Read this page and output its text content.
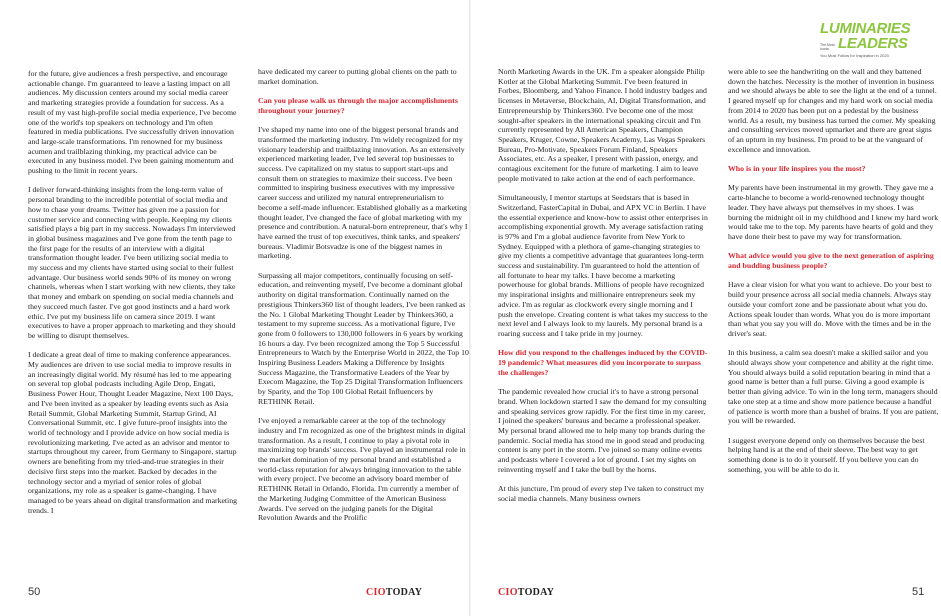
LUMINARIES
The Most Iconic LEADERS
You Must Follow for Inspiration in 2023

for the future, give audiences a fresh perspective, and encourage actionable change. I'm guaranteed to leave a lasting impact on all audiences. My discussion centers around my social media career and marketing strategies provide a foundation for success. As a result of my vast high-profile social media experience, I've become one of the world's top speakers on technology and I'm often featured in media publications. I've successfully driven innovation and large-scale transformations. I'm renowned for my business acumen and trailblazing thinking, my practical advice can be executed in any business model. I've been gaining momentum and pushing to the limit in recent years.

I deliver forward-thinking insights from the long-term value of personal branding to the incredible potential of social media and how to chase your dreams. Twitter has given me a passion for customer service and connecting with people. Keeping my clients satisfied plays a big part in my success. Nowadays I'm interviewed in global business magazines and I've gone from the tenth page to the first page for the results of an interview with a digital transformation thought leader. I've been utilizing social media to my success and my clients have started using social to their fullest advantage. Our business world sends 90% of its money on wrong channels, whereas when I start working with new clients, they take that money and embark on spending on social media channels and they succeed much faster. I've got good instincts and a hard work ethic. I've put my business life on camera since 2019. I want executives to have a proper approach to marketing and they should be willing to disrupt themselves.

I dedicate a great deal of time to making conference appearances. My audiences are driven to use social media to improve results in an increasingly digital world. My résumé has led to me appearing on several top global podcasts including Agile Drop, Engati, Business Power Hour, Thought Leader Magazine, Next 100 Days, and I've been invited as a speaker by leading events such as Asia Retail Summit, Global Marketing Summit, Startup Grind, AI Conversational Summit, etc. I give future-proof insights into the world of technology and I provide advice on how social media is revolutionizing marketing. I've acted as an advisor and mentor to startups throughout my career, from Germany to Singapore, startup owners are benefiting from my tried-and-true strategies in their decisive first steps into the market. Backed by decades in the technology sector and a myriad of senior roles of global organizations, my role as a speaker is game-changing. I have managed to be years ahead on digital transformation and marketing trends. I

have dedicated my career to putting global clients on the path to market domination.

Can you please walk us through the major accomplishments throughout your journey?

I've shaped my name into one of the biggest personal brands and transformed the marketing industry. I'm widely recognized for my visionary leadership and trailblazing innovation. As an extensively experienced marketing leader, I've led several top businesses to success. I've capitalized on my status to support start-ups and consult them on strategies to maximize their success. I've been committed to inspiring business executives with my impressive career success and utilized my natural entrepreneurialism to become a self-made influencer. Established globally as a marketing thought leader, I've changed the face of global marketing with my presence and contribution. A natural-born entrepreneur, that's why I have earned the trust of top executives, think tanks, and speakers' bureaus. Vladimir Botsvadze is one of the biggest names in marketing.

Surpassing all major competitors, continually focusing on self-education, and reinventing myself, I've become a dominant global authority on digital transformation. Continually named on the prestigious Thinkers360 list of thought leaders, I've been ranked as the No. 1 Global Marketing Thought Leader by Thinkers360, a testament to my supreme success. As a motivational figure, I've gone from 0 followers to 130,000 followers in 6 years by working 16 hours a day. I've been recognized among the Top 5 Successful Entrepreneurs to Watch by the Enterprise World in 2022, the Top 10 Inspiring Business Leaders Making a Difference by Insights Success Magazine, the Transformative Leaders of the Year by Execom Magazine, the Top 25 Digital Transformation Influencers by Sparity, and the Top 100 Global Retail Influencers by RETHINK Retail.

I've enjoyed a remarkable career at the top of the technology industry and I'm recognized as one of the brightest minds in digital transformation. As a result, I continue to play a pivotal role in maximizing top brands' success. I've played an instrumental role in the market domination of my personal brand and established a world-class reputation for always bringing innovation to the table with every project. I've become an advisory board member of RETHINK Retail in Orlando, Florida. I'm currently a member of the Marketing Judging Committee of the American Business Awards. I've served on the judging panels for the Digital Revolution Awards and the Prolific

North Marketing Awards in the UK. I'm a speaker alongside Philip Kotler at the Global Marketing Summit. I've been featured in Forbes, Bloomberg, and Yahoo Finance. I hold industry badges and licenses in Metaverse, Blockchain, AI, Digital Transformation, and Entrepreneurship by Thinkers360. I've become one of the most sought-after speakers in the international speaking circuit and I'm currently represented by All American Speakers, Champion Speakers, Kruger, Cowne, Speakers Academy, Las Vegas Speakers Bureau, Pro-Motivate, Speakers Forum Finland, Speakers Associates, etc. As a speaker, I present with passion, energy, and contagious excitement for the future of marketing. I aim to leave people motivated to take action at the end of each performance.

Simultaneously, I mentor startups at Seedstars that is based in Switzerland, FasterCapital in Dubai, and APX VC in Berlin. I have the essential experience and know-how to assist other enterprises in accomplishing exponential growth. My average satisfaction rating is 97% and I'm a global audience favorite from New York to Sydney. Equipped with a plethora of game-changing strategies to give my clients a competitive advantage that guarantees long-term success and sustainability. I'm guaranteed to hold the attention of all fortunate to hear my talks. I have become a marketing powerhouse for global brands. Millions of people have recognized my inspirational insights and millionaire entrepreneurs seek my advice. I'm as regular as clockwork every single morning and I push the envelope. Creating content is what takes my success to the next level and I always look to my laurels. My personal brand is a roaring success and I take pride in my journey.

How did you respond to the challenges induced by the COVID-19 pandemic? What measures did you incorporate to surpass the challenges?

The pandemic revealed how crucial it's to have a strong personal brand. When lockdown started I saw the demand for my consulting and speaking services grow rapidly. For the first time in my career, I joined the speakers' bureaus and became a professional speaker. My personal brand allowed me to help many top brands during the pandemic. Social media has stood me in good stead and producing content is any port in the storm. I've joined so many online events and podcasts where I covered a lot of ground. I set my sights on reinventing myself and I take the bull by the horns.

At this juncture, I'm proud of every step I've taken to construct my social media channels. Many business owners

were able to see the handwriting on the wall and they battened down the hatches. Necessity is the mother of invention in business and we should always be able to see the light at the end of a tunnel. I geared myself up for changes and my hard work on social media from 2014 to 2020 has been put on a pedestal by the business world. As a result, my business has turned the corner. My speaking and consulting services moved upmarket and there are great signs of an upturn in my business. I'm proud to be at the vanguard of excellence and innovation.

Who is in your life inspires you the most?

My parents have been instrumental in my growth. They gave me a carte-blanche to become a world-renowned technology thought leader. They have always put themselves in my shoes. I was burning the midnight oil in my childhood and I knew my hard work would take me to the top. My parents have hearts of gold and they have done their best to pave my way for transformation.

What advice would you give to the next generation of aspiring and budding business people?

Have a clear vision for what you want to achieve. Do your best to build your presence across all social media channels. Always stay outside your comfort zone and be passionate about what you do. Actions speak louder than words. What you do is more important than what you say you will do. Move with the times and be in the driver's seat.

In this business, a calm sea doesn't make a skilled sailor and you should always show your competence and ability at the right time. You should always build a solid reputation bearing in mind that a good name is better than a full purse. Giving a good example is better than giving advice. To win in the long term, managers should take one step at a time and show more patience because a handful of patience is worth more than a bushel of brains. If you are patient, you will be rewarded.

I suggest everyone depend only on themselves because the best helping hand is at the end of their sleeve. The best way to get something done is to do it yourself. If you believe you can do something, you will be able to do it.

50	51
CIOTODAY	CIOTODAY
